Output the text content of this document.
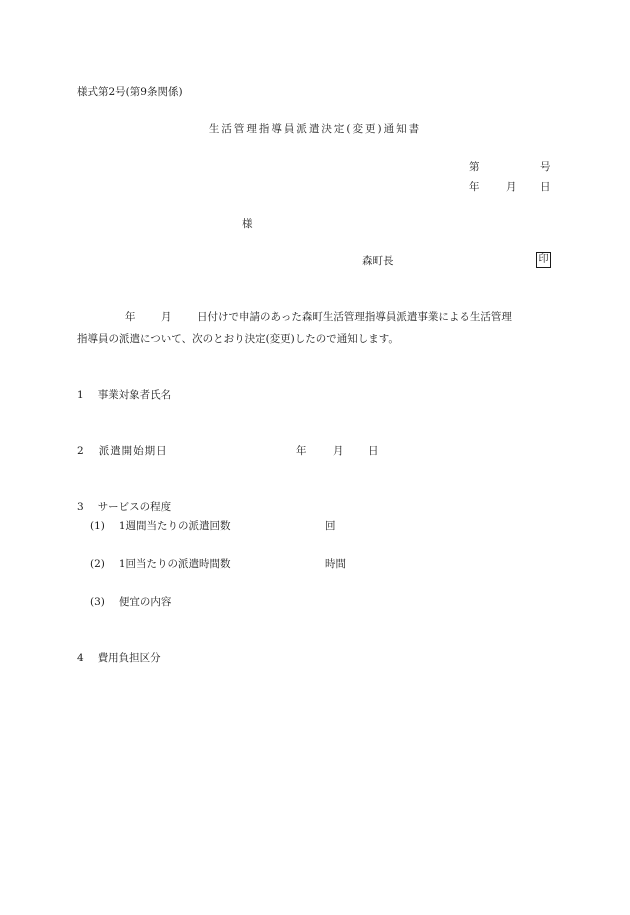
様式第2号(第9条関係)
生活管理指導員派遣決定(変更)通知書
第	号
年	月 日
様
森町長	印
年 月 日付けで申請のあった森町生活管理指導員派遣事業による生活管理
指導員の派遣について、次のとおり決定(変更)したので通知します。
1 事業対象者氏名
2 派遣開始期日	年	月 日
3 サービスの程度
(1) 1週間当たりの派遣回数	回
(2) 1回当たりの派遣時間数	時間
(3) 便宜の内容
4 費用負担区分
